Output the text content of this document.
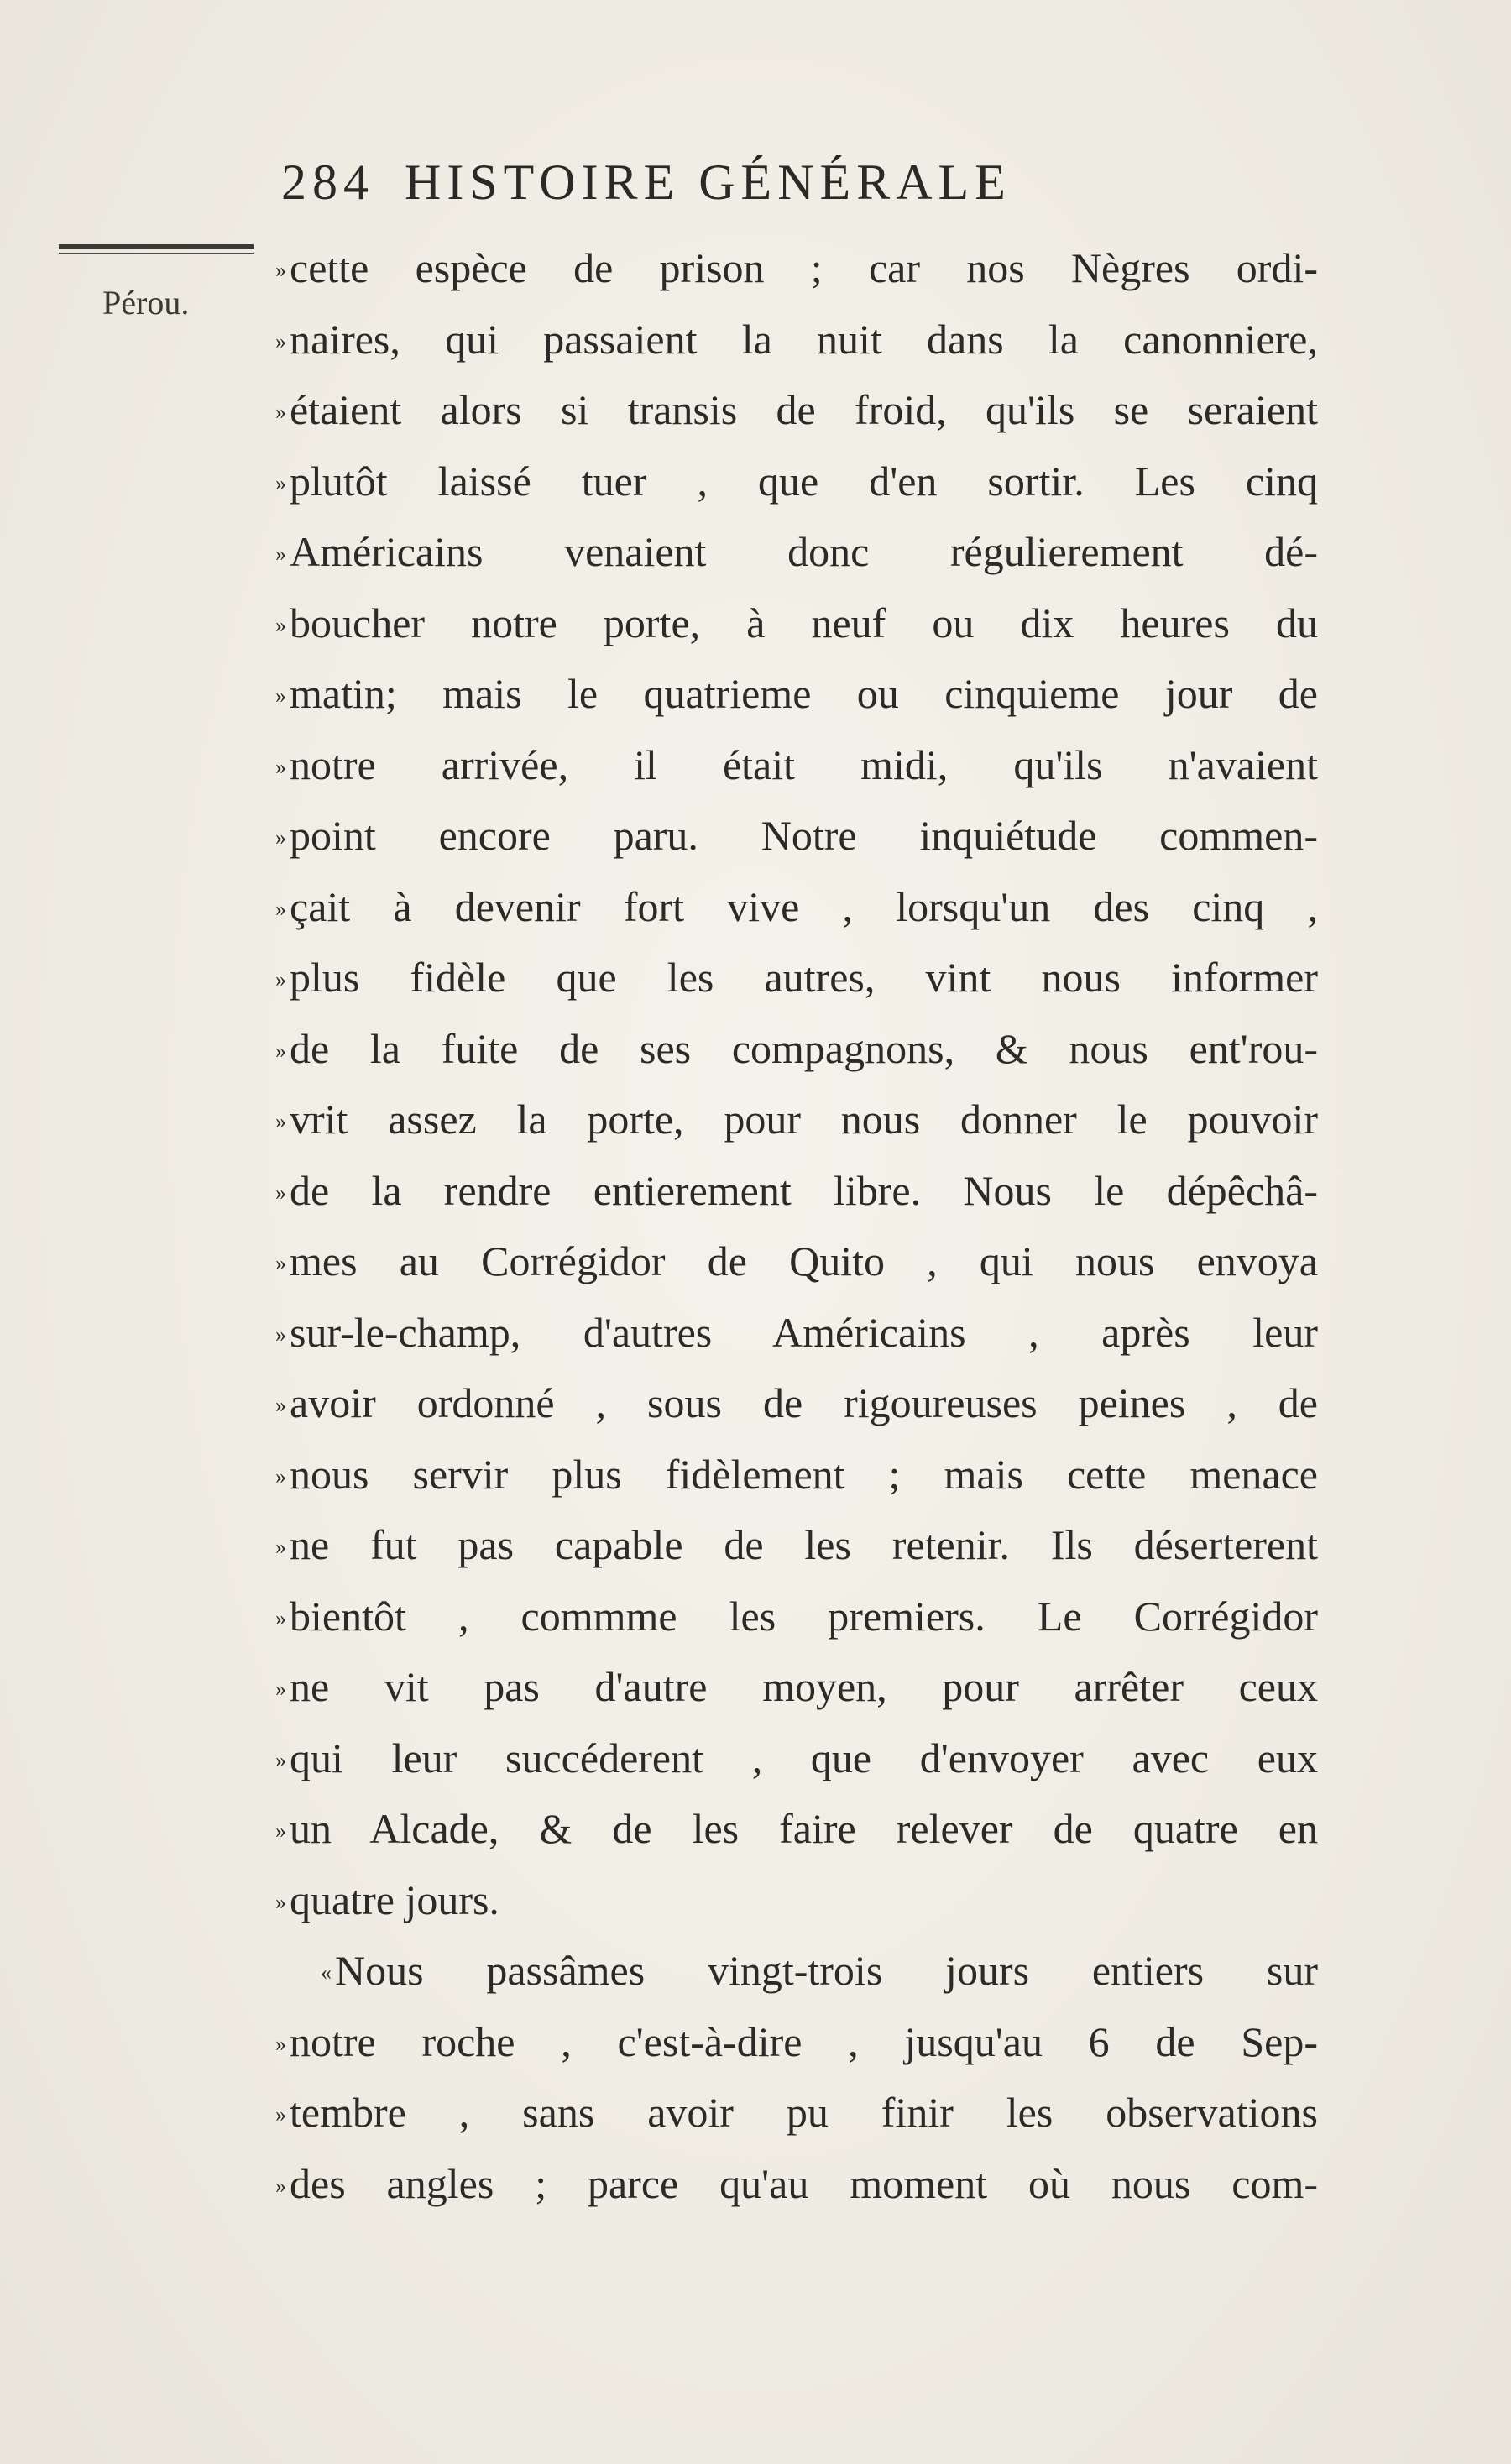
284 HISTOIRE GÉNÉRALE
Pérou.
» cette espèce de prison ; car nos Nègres ordi-
» naires, qui passaient la nuit dans la canonniere,
» étaient alors si transis de froid, qu'ils se seraient
» plutôt laissé tuer , que d'en sortir. Les cinq
» Américains venaient donc régulierement dé-
» boucher notre porte, à neuf ou dix heures du
» matin; mais le quatrieme ou cinquieme jour de
» notre arrivée, il était midi, qu'ils n'avaient
» point encore paru. Notre inquiétude commen-
» çait à devenir fort vive , lorsqu'un des cinq ,
» plus fidèle que les autres, vint nous informer
» de la fuite de ses compagnons, & nous ent'rou-
» vrit assez la porte, pour nous donner le pouvoir
» de la rendre entierement libre. Nous le dépêchâ-
» mes au Corrégidor de Quito , qui nous envoya
» sur-le-champ, d'autres Américains , après leur
» avoir ordonné , sous de rigoureuses peines , de
» nous servir plus fidèlement ; mais cette menace
» ne fut pas capable de les retenir. Ils déserterent
» bientôt , commme les premiers. Le Corrégidor
» ne vit pas d'autre moyen, pour arrêter ceux
» qui leur succéderent , que d'envoyer avec eux
» un Alcade, & de les faire relever de quatre en
» quatre jours.
« Nous passâmes vingt-trois jours entiers sur
» notre roche , c'est-à-dire , jusqu'au 6 de Sep-
» tembre , sans avoir pu finir les observations
» des angles ; parce qu'au moment où nous com-
